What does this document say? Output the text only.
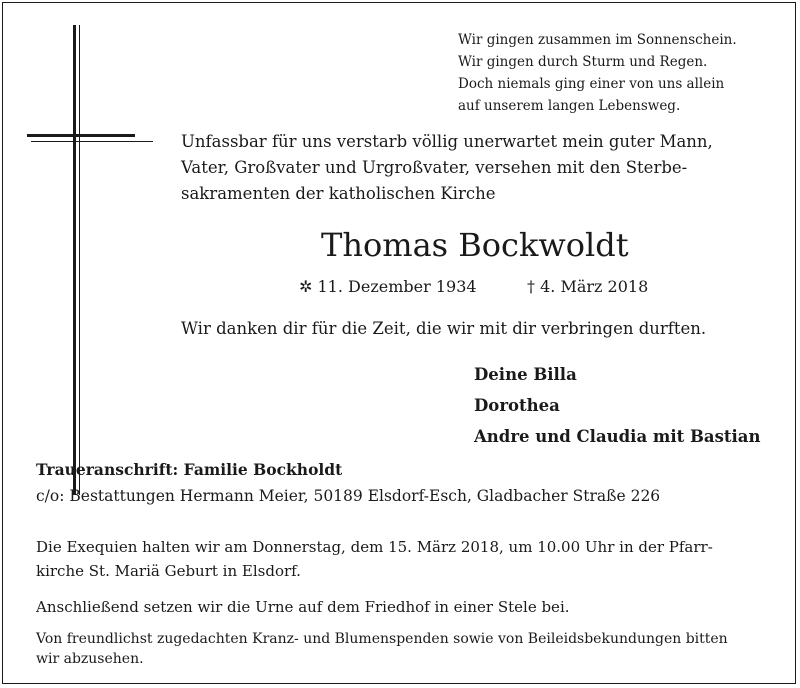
Wir gingen zusammen im Sonnenschein.
Wir gingen durch Sturm und Regen.
Doch niemals ging einer von uns allein
auf unserem langen Lebensweg.
Unfassbar für uns verstarb völlig unerwartet mein guter Mann,
Vater, Großvater und Urgroßvater, versehen mit den Sterbe-
sakramenten der katholischen Kirche
Thomas Bockwoldt
✲ 11. Dezember 1934	† 4. März 2018
Wir danken dir für die Zeit, die wir mit dir verbringen durften.
Deine Billa
Dorothea
Andre und Claudia mit Bastian
Traueranschrift: Familie Bockholdt
c/o: Bestattungen Hermann Meier, 50189 Elsdorf-Esch, Gladbacher Straße 226
Die Exequien halten wir am Donnerstag, dem 15. März 2018, um 10.00 Uhr in der Pfarr-
kirche St. Mariä Geburt in Elsdorf.
Anschließend setzen wir die Urne auf dem Friedhof in einer Stele bei.
Von freundlichst zugedachten Kranz- und Blumenspenden sowie von Beileidsbekundungen bitten
wir abzusehen.
